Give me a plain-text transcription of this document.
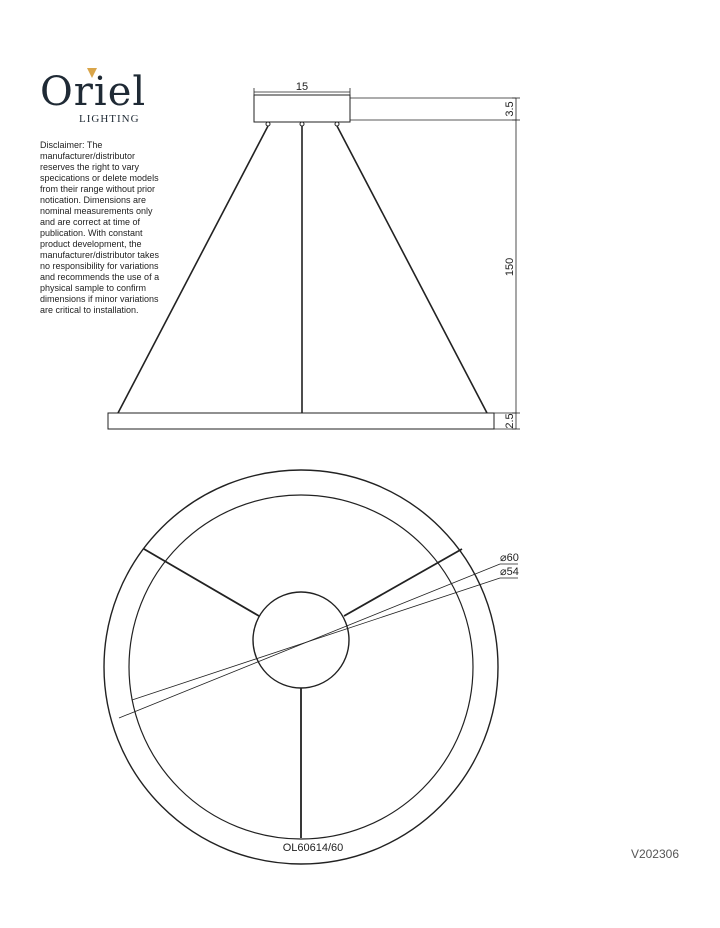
Oriel
LIGHTING
Disclaimer: The manufacturer/distributor reserves the right to vary specications or delete models from their range without prior notication. Dimensions are nominal measurements only and are correct at time of publication. With constant product development, the manufacturer/distributor takes no responsibility for variations and recommends the use of a physical sample to confirm dimensions if minor variations are critical to installation.
15
3.5
150
2.5
⌀60
⌀54
OL60614/60	V202306
